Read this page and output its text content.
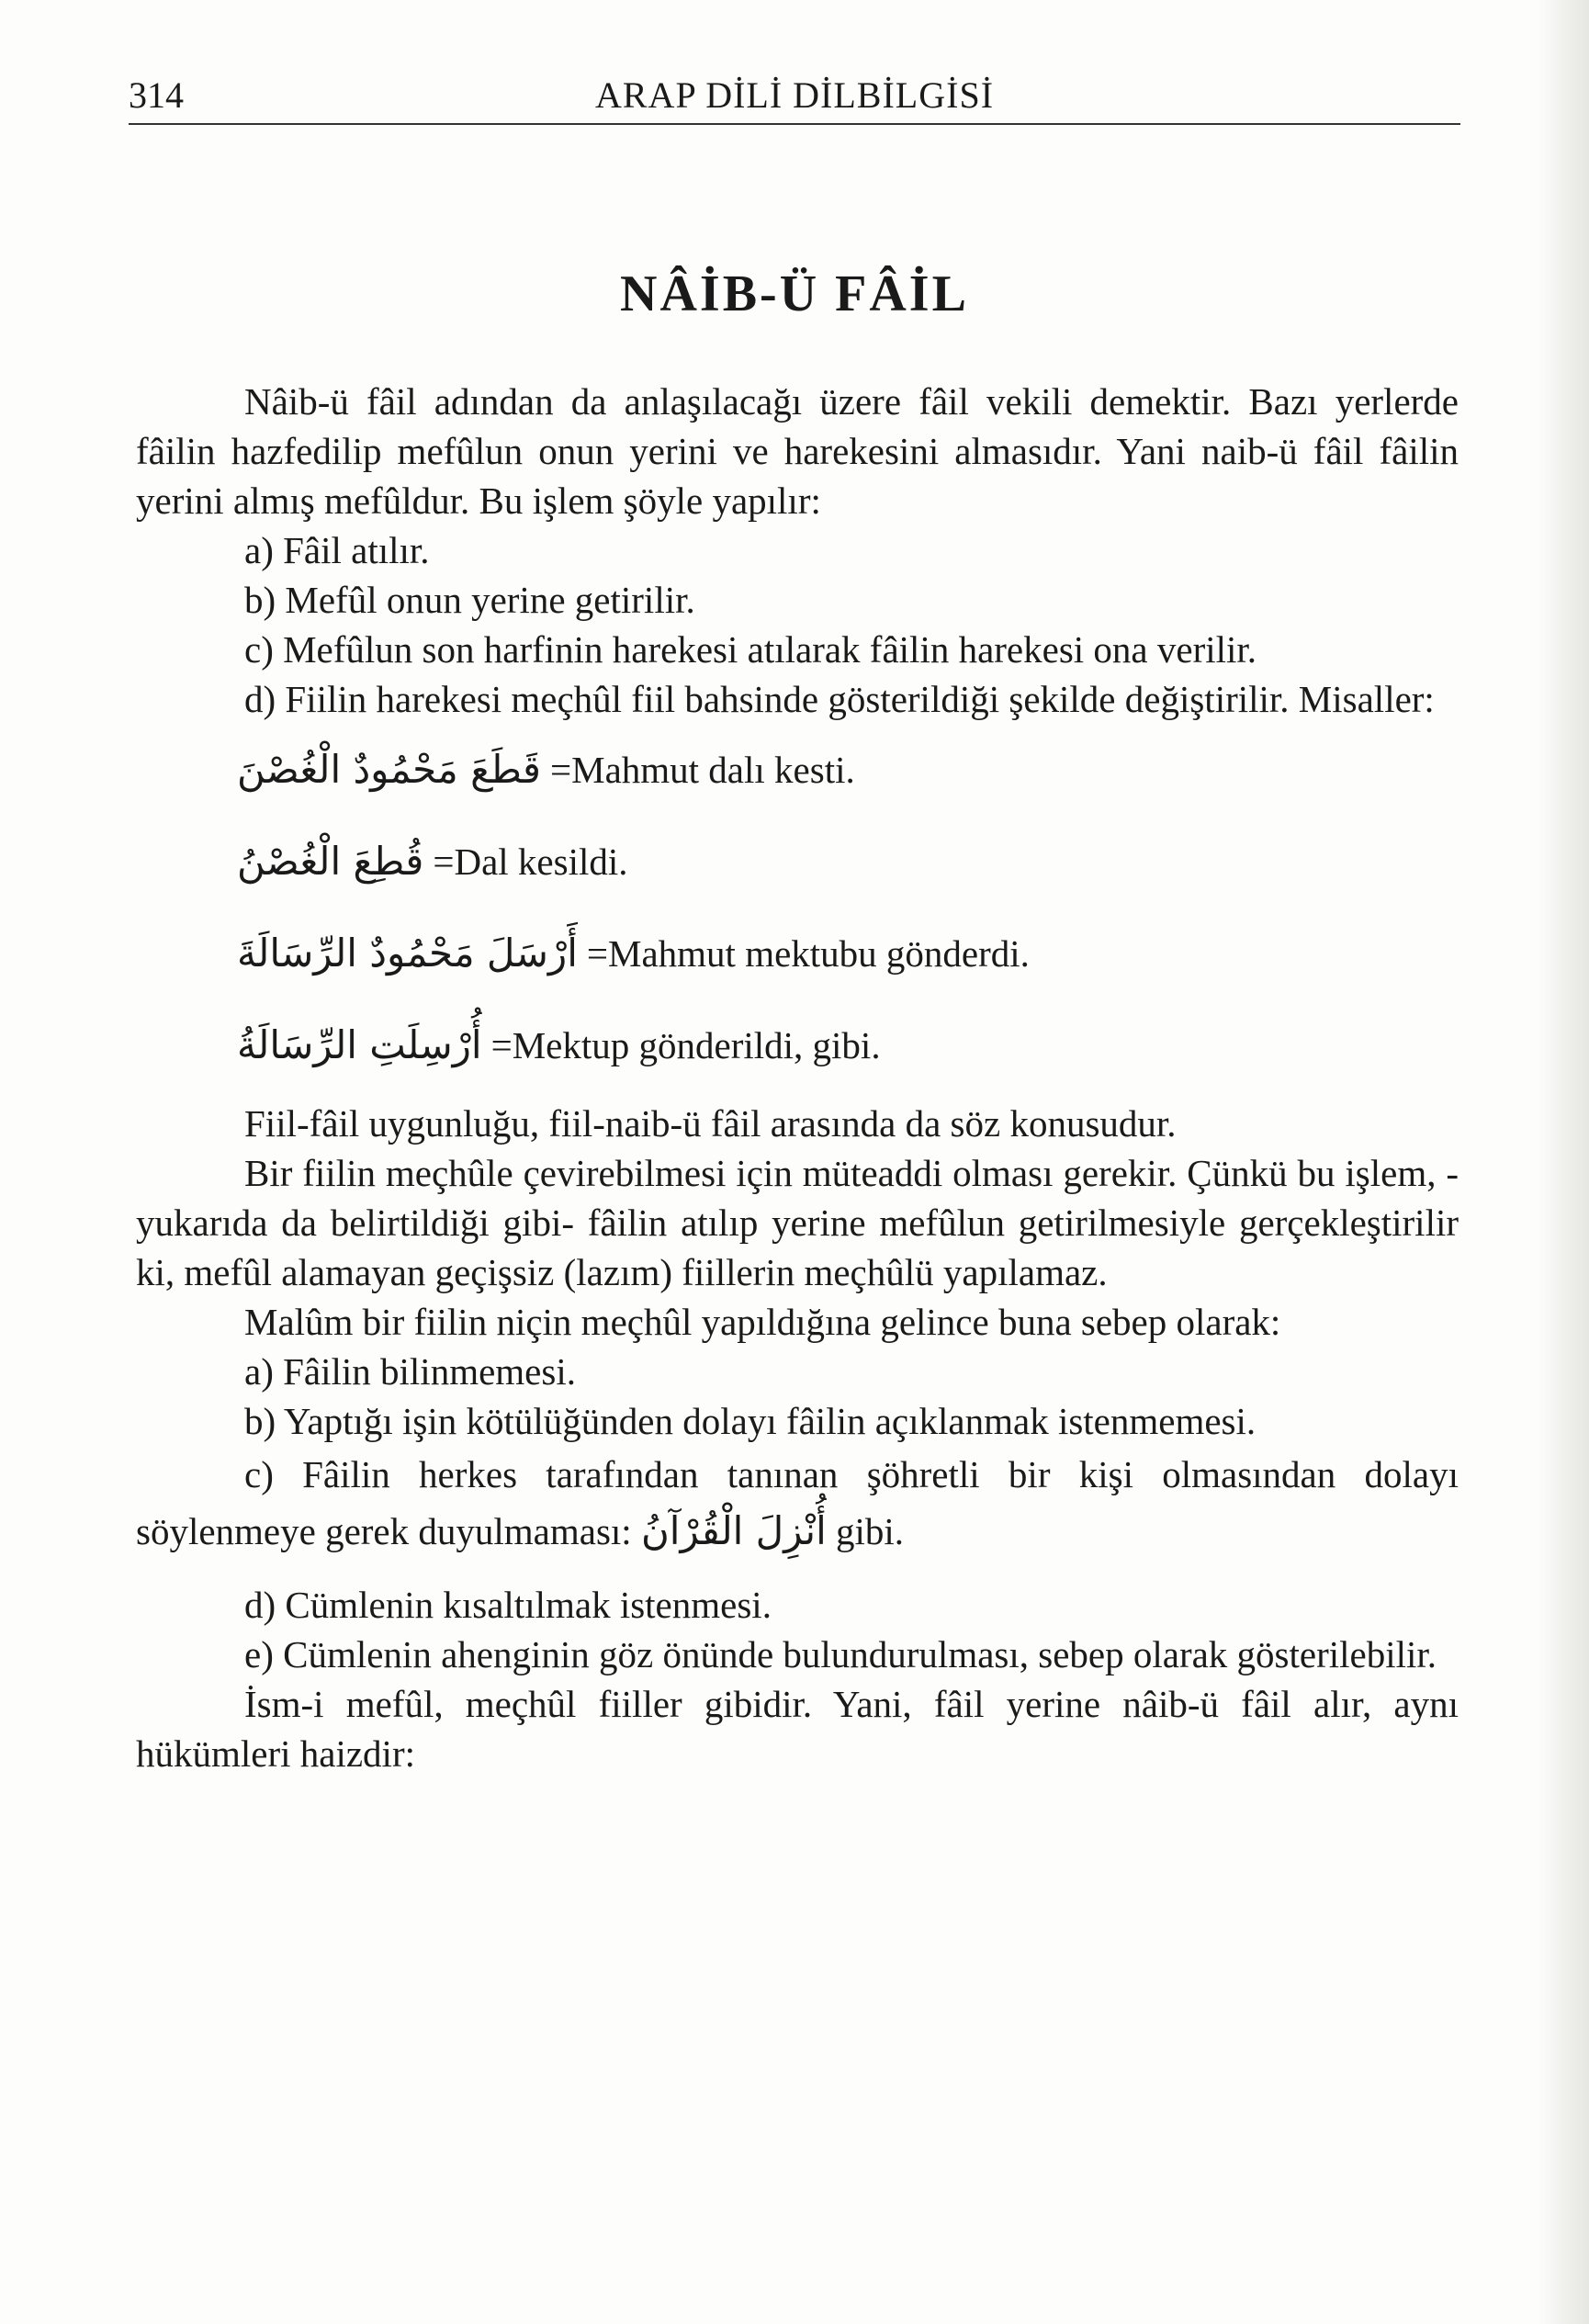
314	ARAP DİLİ DİLBİLGİSİ
NÂİB-Ü FÂİL

Nâib-ü fâil adından da anlaşılacağı üzere fâil vekili demektir. Bazı yerlerde fâilin hazfedilip mefûlun onun yerini ve harekesini almasıdır. Yani naib-ü fâil fâilin yerini almış mefûldur. Bu işlem şöyle yapılır:

a) Fâil atılır.

b) Mefûl onun yerine getirilir.

c) Mefûlun son harfinin harekesi atılarak fâilin harekesi ona verilir.

d) Fiilin harekesi meçhûl fiil bahsinde gösterildiği şekilde değiştirilir. Misaller:

قَطَعَ مَحْمُودٌ الْغُصْنَ =Mahmut dalı kesti.
قُطِعَ الْغُصْنُ =Dal kesildi.
أَرْسَلَ مَحْمُودٌ الرِّسَالَةَ =Mahmut mektubu gönderdi.
أُرْسِلَتِ الرِّسَالَةُ =Mektup gönderildi, gibi.

Fiil-fâil uygunluğu, fiil-naib-ü fâil arasında da söz konusudur.

Bir fiilin meçhûle çevirebilmesi için müteaddi olması gerekir. Çünkü bu işlem, -yukarıda da belirtildiği gibi- fâilin atılıp yerine mefûlun getirilmesiyle gerçekleştirilir ki, mefûl alamayan geçişsiz (lazım) fiillerin meçhûlü yapılamaz.

Malûm bir fiilin niçin meçhûl yapıldığına gelince buna sebep olarak:

a) Fâilin bilinmemesi.

b) Yaptığı işin kötülüğünden dolayı fâilin açıklanmak istenmemesi.

c) Fâilin herkes tarafından tanınan şöhretli bir kişi olmasından dolayı söylenmeye gerek duyulmaması: أُنْزِلَ الْقُرْآنُ gibi.

d) Cümlenin kısaltılmak istenmesi.

e) Cümlenin ahenginin göz önünde bulundurulması, sebep olarak gösterilebilir.

İsm-i mefûl, meçhûl fiiller gibidir. Yani, fâil yerine nâib-ü fâil alır, aynı hükümleri haizdir:
